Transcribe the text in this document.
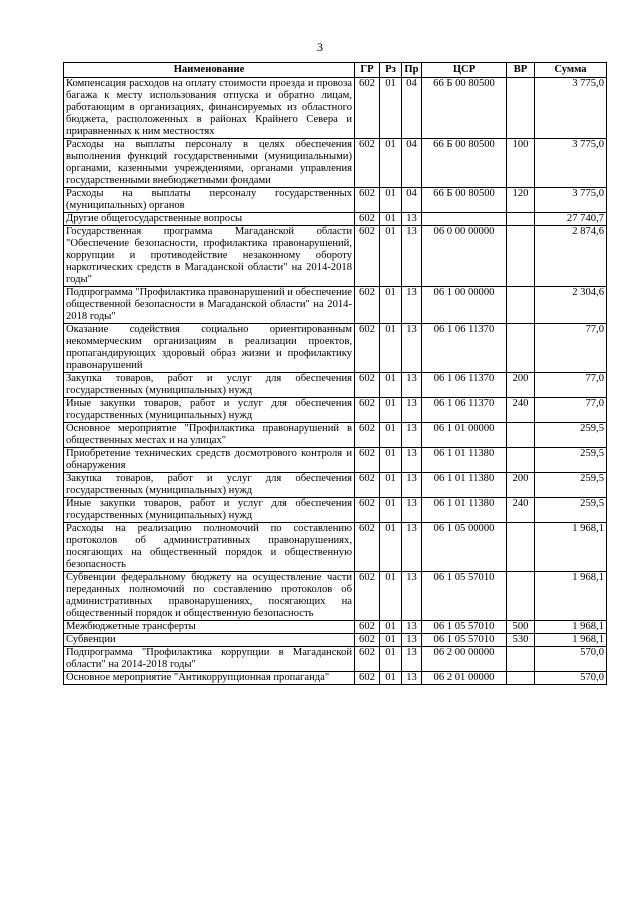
3
Наименование	ГР	Рз	Пр	ЦСР	ВР	Сумма
Компенсация расходов на оплату стоимости проезда и провоза багажа к месту использования отпуска и обратно лицам, работающим в организациях, финансируемых из областного бюджета, расположенных в районах Крайнего Севера и приравненных к ним местностях	602	01	04	66 Б 00 80500		3 775,0
Расходы на выплаты персоналу в целях обеспечения выполнения функций государственными (муниципальными) органами, казенными учреждениями, органами управления государственными внебюджетными фондами	602	01	04	66 Б 00 80500	100	3 775,0
Расходы на выплаты персоналу государственных (муниципальных) органов	602	01	04	66 Б 00 80500	120	3 775,0
Другие общегосударственные вопросы	602	01	13			27 740,7
Государственная программа Магаданской области "Обеспечение безопасности, профилактика правонарушений, коррупции и противодействие незаконному обороту наркотических средств в Магаданской области" на 2014-2018 годы"	602	01	13	06 0 00 00000		2 874,6
Подпрограмма "Профилактика правонарушений и обеспечение общественной безопасности в Магаданской области" на 2014-2018 годы"	602	01	13	06 1 00 00000		2 304,6
Оказание содействия социально ориентированным некоммерческим организациям в реализации проектов, пропагандирующих здоровый образ жизни и профилактику правонарушений	602	01	13	06 1 06 11370		77,0
Закупка товаров, работ и услуг для обеспечения государственных (муниципальных) нужд	602	01	13	06 1 06 11370	200	77,0
Иные закупки товаров, работ и услуг для обеспечения государственных (муниципальных) нужд	602	01	13	06 1 06 11370	240	77,0
Основное мероприятие "Профилактика правонарушений в общественных местах и на улицах"	602	01	13	06 1 01 00000		259,5
Приобретение технических средств досмотрового контроля и обнаружения	602	01	13	06 1 01 11380		259,5
Закупка товаров, работ и услуг для обеспечения государственных (муниципальных) нужд	602	01	13	06 1 01 11380	200	259,5
Иные закупки товаров, работ и услуг для обеспечения государственных (муниципальных) нужд	602	01	13	06 1 01 11380	240	259,5
Расходы на реализацию полномочий по составлению протоколов об административных правонарушениях, посягающих на общественный порядок и общественную безопасность	602	01	13	06 1 05 00000		1 968,1
Субвенции федеральному бюджету на осуществление части переданных полномочий по составлению протоколов об административных правонарушениях, посягающих на общественный порядок и общественную безопасность	602	01	13	06 1 05 57010		1 968,1
Межбюджетные трансферты	602	01	13	06 1 05 57010	500	1 968,1
Субвенции	602	01	13	06 1 05 57010	530	1 968,1
Подпрограмма "Профилактика коррупции в Магаданской области" на 2014-2018 годы"	602	01	13	06 2 00 00000		570,0
Основное мероприятие "Антикоррупционная пропаганда"	602	01	13	06 2 01 00000		570,0
